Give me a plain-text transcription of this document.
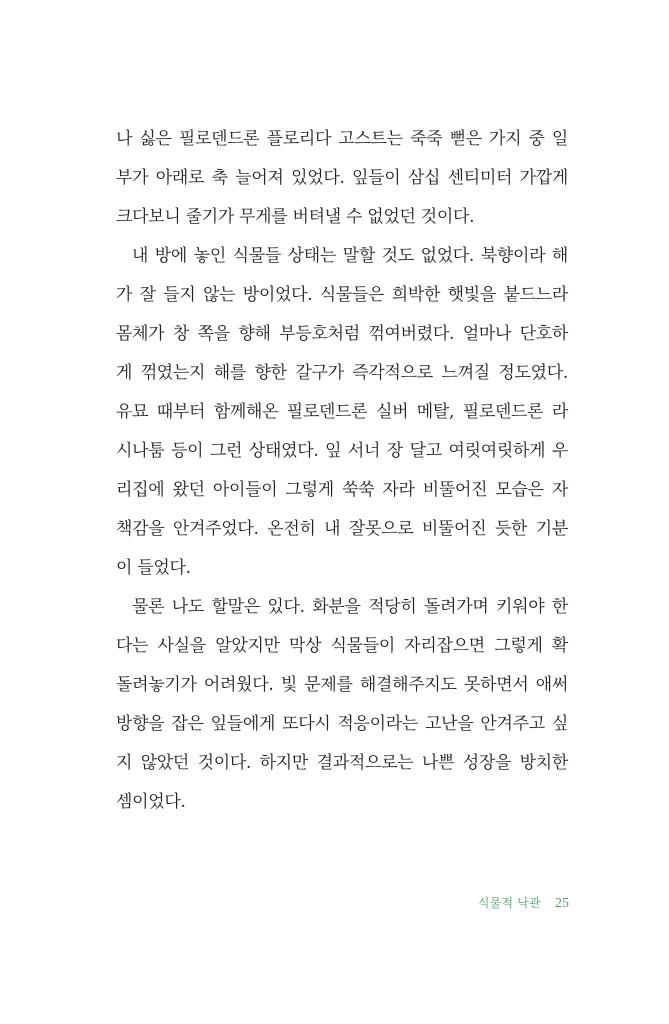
나 싫은 필로덴드론 플로리다 고스트는 죽죽 뻗은 가지 중 일
부가 아래로 축 늘어져 있었다. 잎들이 삼십 센티미터 가깝게
크다보니 줄기가 무게를 버텨낼 수 없었던 것이다.
내 방에 놓인 식물들 상태는 말할 것도 없었다. 북향이라 해
가 잘 들지 않는 방이었다. 식물들은 희박한 햇빛을 붙드느라
몸체가 창 쪽을 향해 부등호처럼 꺾여버렸다. 얼마나 단호하
게 꺾였는지 해를 향한 갈구가 즉각적으로 느껴질 정도였다.
유묘 때부터 함께해온 필로덴드론 실버 메탈, 필로덴드론 라
시나툼 등이 그런 상태였다. 잎 서너 장 달고 여릿여릿하게 우
리집에 왔던 아이들이 그렇게 쑥쑥 자라 비뚤어진 모습은 자
책감을 안겨주었다. 온전히 내 잘못으로 비뚤어진 듯한 기분
이 들었다.
물론 나도 할말은 있다. 화분을 적당히 돌려가며 키워야 한
다는 사실을 알았지만 막상 식물들이 자리잡으면 그렇게 확
돌려놓기가 어려웠다. 빛 문제를 해결해주지도 못하면서 애써
방향을 잡은 잎들에게 또다시 적응이라는 고난을 안겨주고 싶
지 않았던 것이다. 하지만 결과적으로는 나쁜 성장을 방치한
셈이었다.
식물적 낙관 25
